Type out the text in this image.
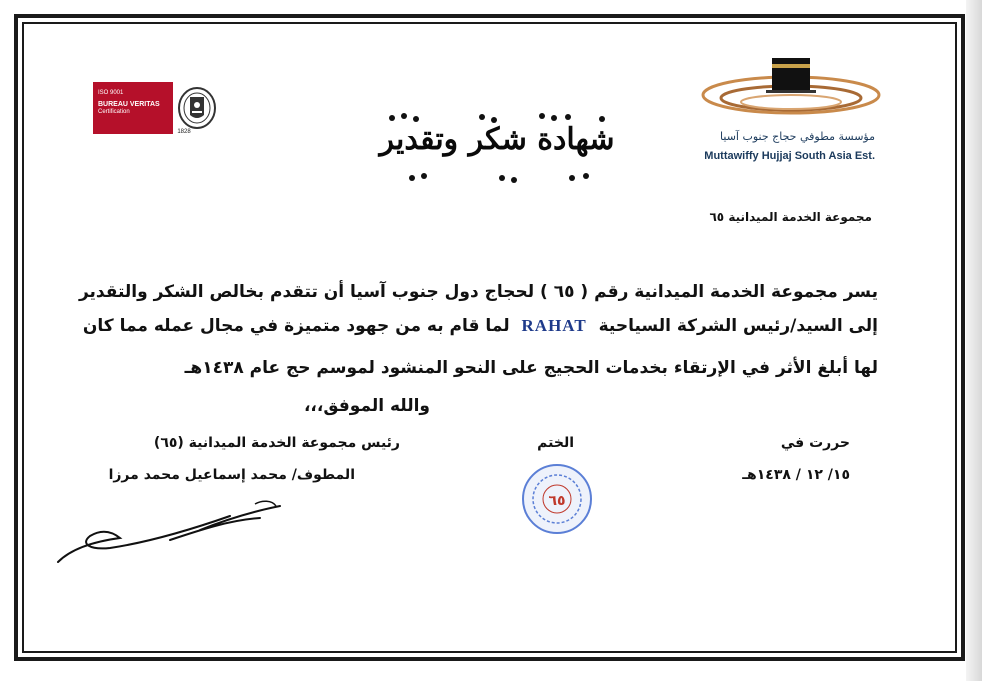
ISO 9001
BUREAU VERITAS
Certification
1828	شهادة شكر وتقدير	مؤسسة مطوفي حجاج جنوب آسيا
Muttawiffy Hujjaj South Asia Est.
مجموعة الخدمة الميدانية ٦٥
يسر مجموعة الخدمة الميدانية رقم ( ٦٥ ) لحجاج دول جنوب آسيا أن تتقدم بخالص الشكر والتقدير
إلى السيد/رئيس الشركة السياحية RAHAT لما قام به من جهود متميزة في مجال عمله مما كان
لها أبلغ الأثر في الإرتقاء بخدمات الحجيج على النحو المنشود لموسم حج عام ١٤٣٨هـ
والله الموفق،،،
حررت في
١٥/ ١٢ / ١٤٣٨هـ
الختم
رئيس مجموعة الخدمة الميدانية (٦٥)
المطوف/ محمد إسماعيل محمد مرزا
٦٥
